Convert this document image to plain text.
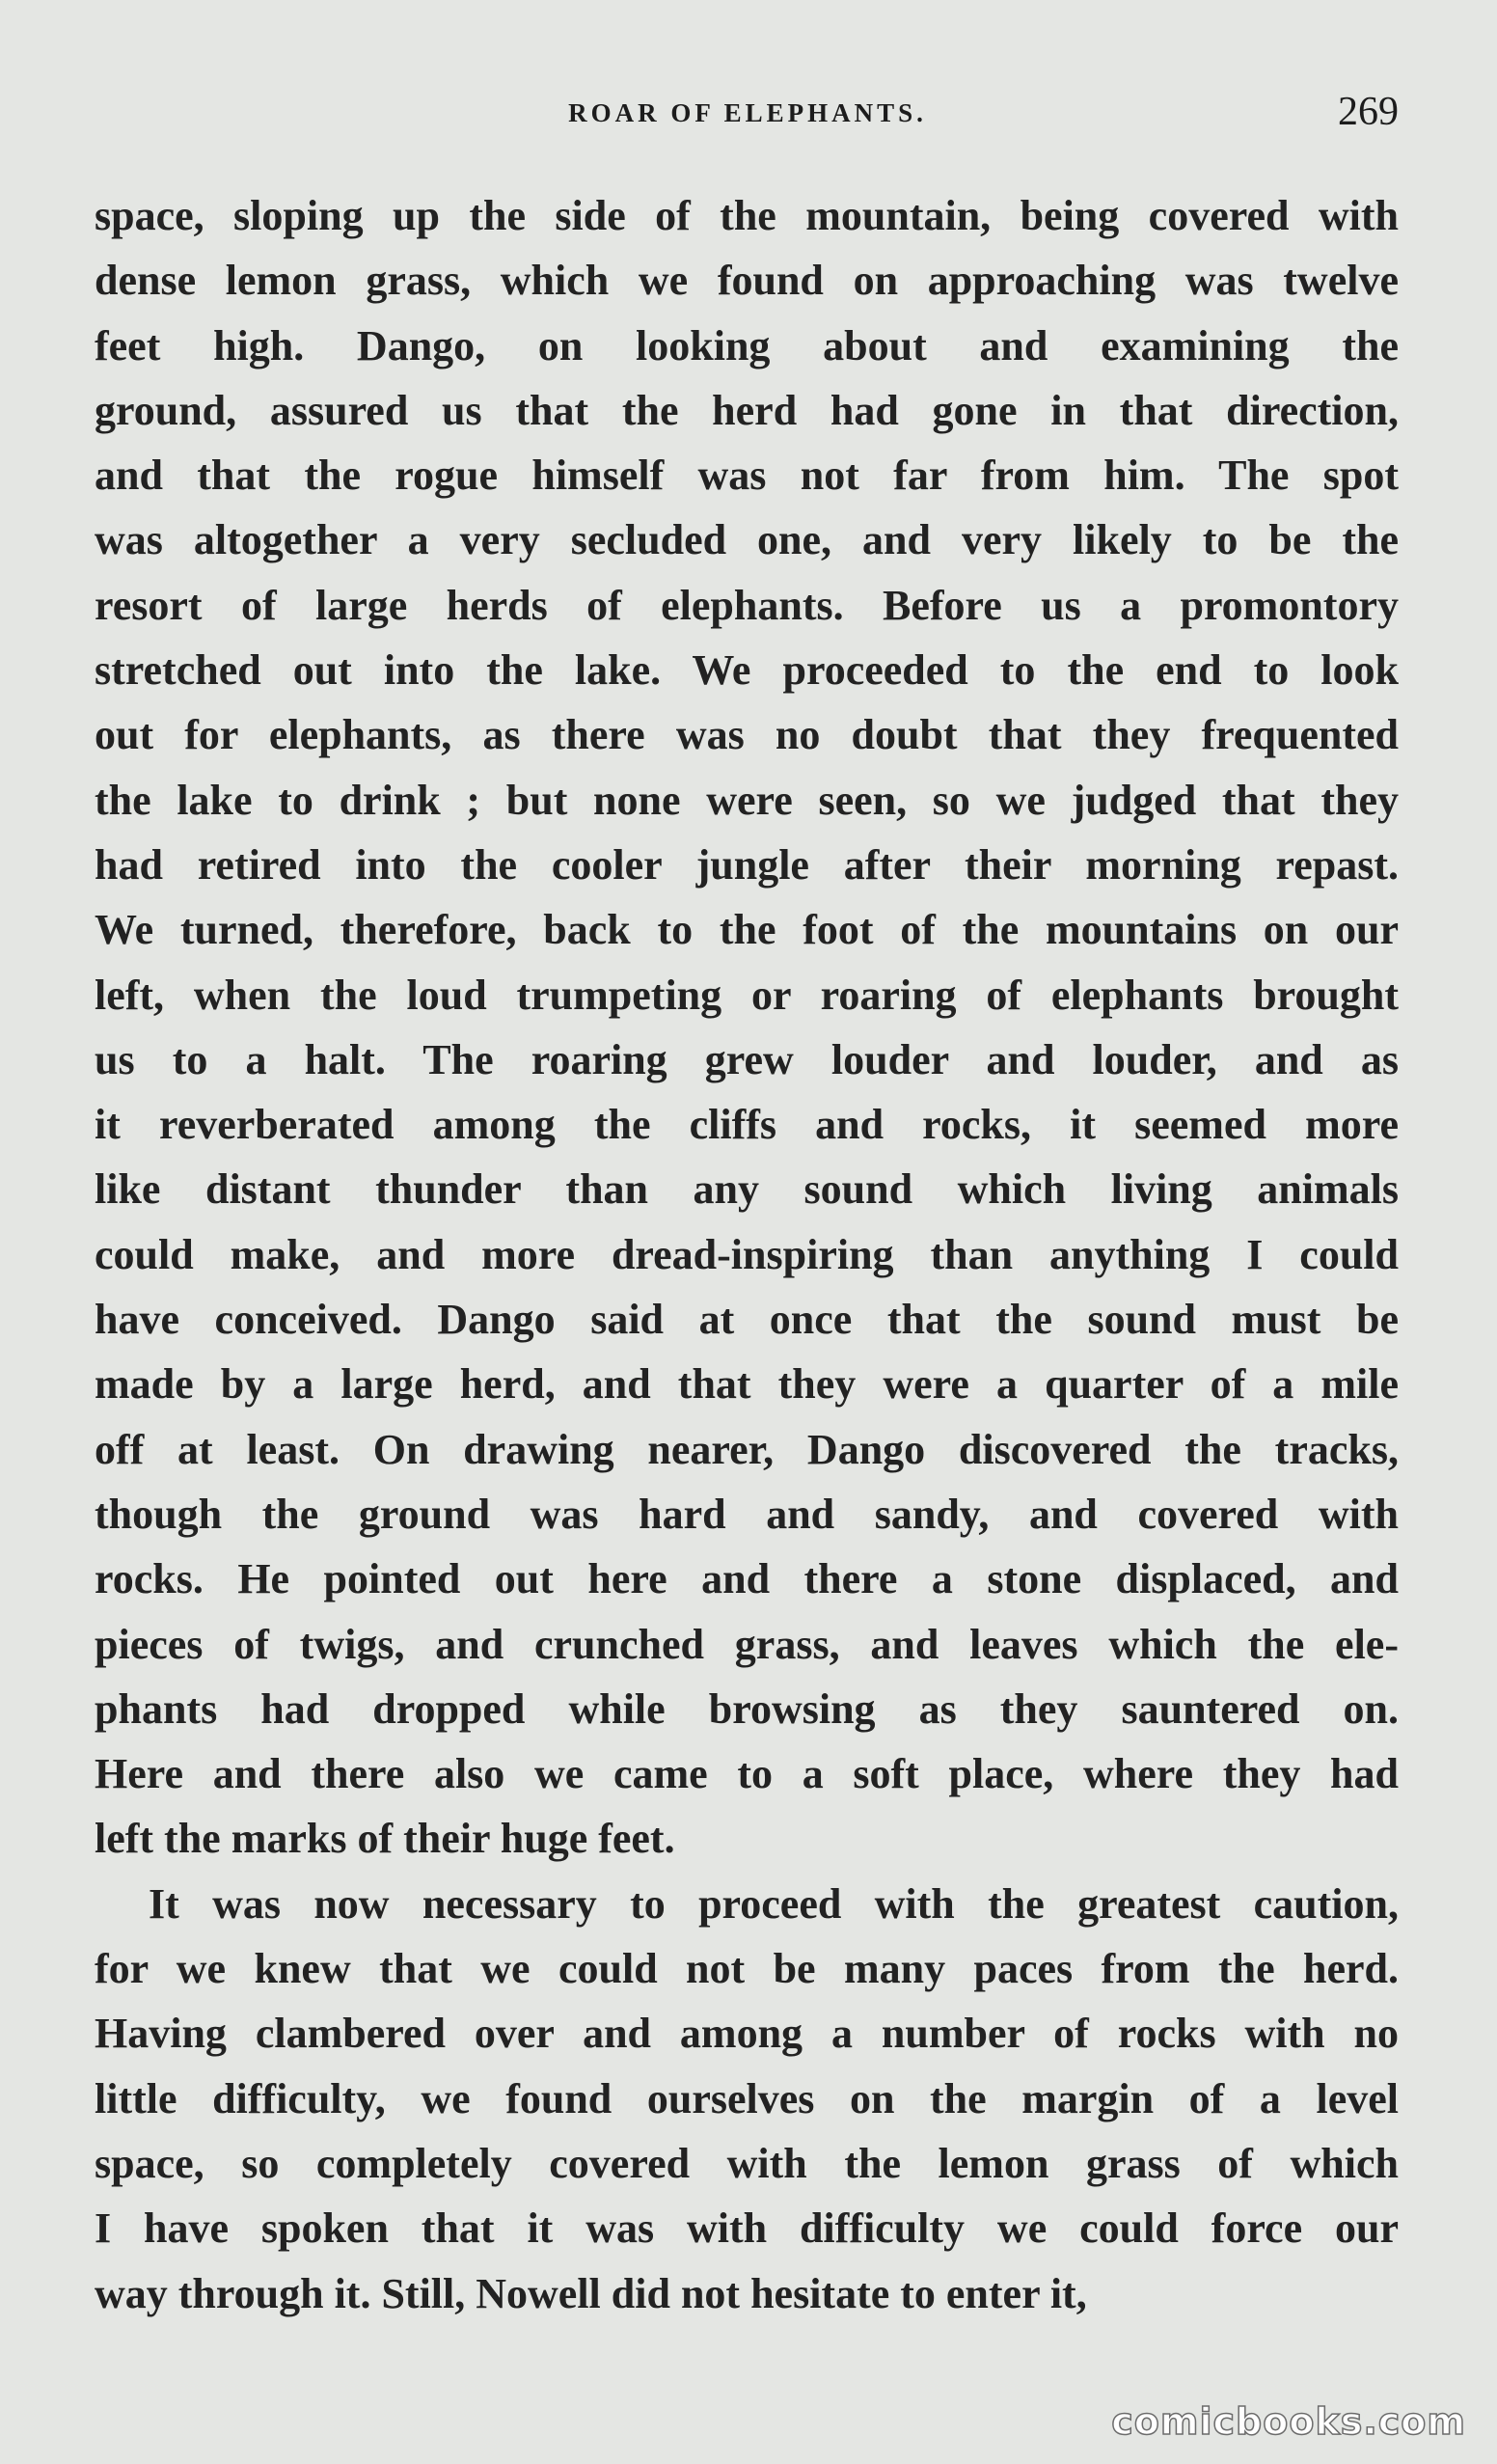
ROAR OF ELEPHANTS.	269
space, sloping up the side of the mountain, being covered with
dense lemon grass, which we found on approaching was twelve
feet high. Dango, on looking about and examining the
ground, assured us that the herd had gone in that direction,
and that the rogue himself was not far from him. The spot
was altogether a very secluded one, and very likely to be the
resort of large herds of elephants. Before us a promontory
stretched out into the lake. We proceeded to the end to look
out for elephants, as there was no doubt that they frequented
the lake to drink ; but none were seen, so we judged that they
had retired into the cooler jungle after their morning repast.
We turned, therefore, back to the foot of the mountains on our
left, when the loud trumpeting or roaring of elephants brought
us to a halt. The roaring grew louder and louder, and as
it reverberated among the cliffs and rocks, it seemed more
like distant thunder than any sound which living animals
could make, and more dread-inspiring than anything I could
have conceived. Dango said at once that the sound must be
made by a large herd, and that they were a quarter of a mile
off at least. On drawing nearer, Dango discovered the tracks,
though the ground was hard and sandy, and covered with
rocks. He pointed out here and there a stone displaced, and
pieces of twigs, and crunched grass, and leaves which the ele-
phants had dropped while browsing as they sauntered on.
Here and there also we came to a soft place, where they had
left the marks of their huge feet.
It was now necessary to proceed with the greatest caution,
for we knew that we could not be many paces from the herd.
Having clambered over and among a number of rocks with no
little difficulty, we found ourselves on the margin of a level
space, so completely covered with the lemon grass of which
I have spoken that it was with difficulty we could force our
way through it. Still, Nowell did not hesitate to enter it,
comicbooks.com
